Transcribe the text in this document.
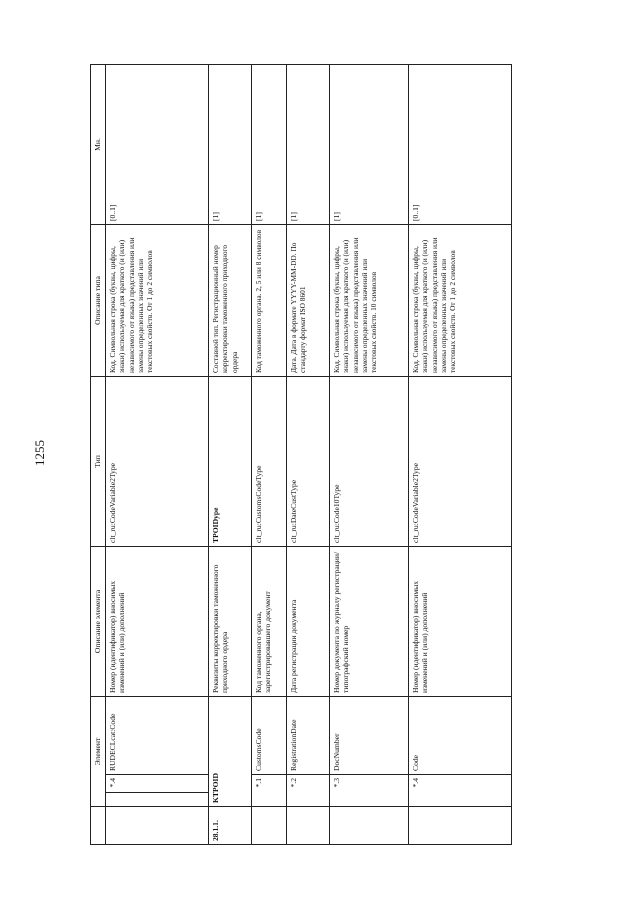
1255
	Элемент			Описание элемента	Тип	Описание типа	Мн.
		*.4	RUDECLcat:Code	Номер (идентификатор) вносимых изменений и (или) дополнений	clt_ru:CodeVariable2Type	Код. Символьная строка (буквы, цифры, знаки) используемая для краткого (и (или) независимого от языка) представления или замены определенных значений или текстовых свойств. От 1 до 2 символов	[0..1]
28.1.1.	KTPOID			Реквизиты корректировки таможенного приходного ордера	TPOIDype	Составной тип. Регистрационный номер корректировки таможенного приходного ордера	[1]
	*.1		CustomsCode	Код таможенного органа, зарегистрировавшего документ	clt_ru:CustomsCodeType	Код таможенного органа. 2, 5 или 8 символов	[1]
	*.2		RegistrationDate	Дата регистрации документа	clt_ru:DateCustType	Дата. Дата в формате YYYY-MM-DD. По стандарту формат ISO 8601	[1]
	*.3		DocNumber	Номер документа по журналу регистрации/типографский номер	clt_ru:Code10Type	Код. Символьная строка (буквы, цифры, знаки) используемая для краткого (и (или) независимого от языка) представления или замены определенных значений или текстовых свойств. 10 символов	[1]
	*.4		Code	Номер (идентификатор) вносимых изменений и (или) дополнений	clt_ru:CodeVariable2Type	Код. Символьная строка (буквы, цифры, знаки) используемая для краткого (и (или) независимого от языка) представления или замены определенных значений или текстовых свойств. От 1 до 2 символов	[0..1]
